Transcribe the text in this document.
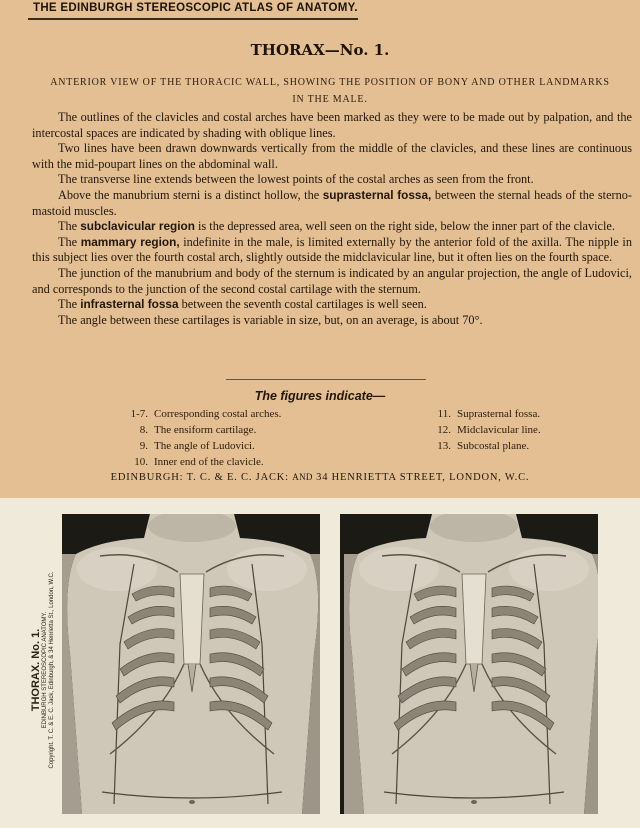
THE EDINBURGH STEREOSCOPIC ATLAS OF ANATOMY.
THORAX—No. 1.
ANTERIOR VIEW OF THE THORACIC WALL, SHOWING THE POSITION OF BONY AND OTHER LANDMARKS IN THE MALE.

The outlines of the clavicles and costal arches have been marked as they were to be made out by palpation, and the intercostal spaces are indicated by shading with oblique lines.

Two lines have been drawn downwards vertically from the middle of the clavicles, and these lines are continuous with the mid-poupart lines on the abdominal wall.

The transverse line extends between the lowest points of the costal arches as seen from the front.

Above the manubrium sterni is a distinct hollow, the suprasternal fossa, between the sternal heads of the sterno-mastoid muscles.

The subclavicular region is the depressed area, well seen on the right side, below the inner part of the clavicle.

The mammary region, indefinite in the male, is limited externally by the anterior fold of the axilla. The nipple in this subject lies over the fourth costal arch, slightly outside the midclavicular line, but it often lies on the fourth space.

The junction of the manubrium and body of the sternum is indicated by an angular projection, the angle of Ludovici, and corresponds to the junction of the second costal cartilage with the sternum.

The infrasternal fossa between the seventh costal cartilages is well seen.

The angle between these cartilages is variable in size, but, on an average, is about 70°.

The figures indicate—
1-7. Corresponding costal arches.
8. The ensiform cartilage.
9. The angle of Ludovici.
10. Inner end of the clavicle.
11. Suprasternal fossa.
12. Midclavicular line.
13. Subcostal plane.
EDINBURGH: T. C. & E. C. JACK: AND 34 HENRIETTA STREET, LONDON, W.C.
THORAX. No. 1. EDINBURGH STEREOSCOPIC ANATOMY. Copyright. T. C. & E. C. Jack, Edinburgh, & 34 Henrietta St., London, W.C.
